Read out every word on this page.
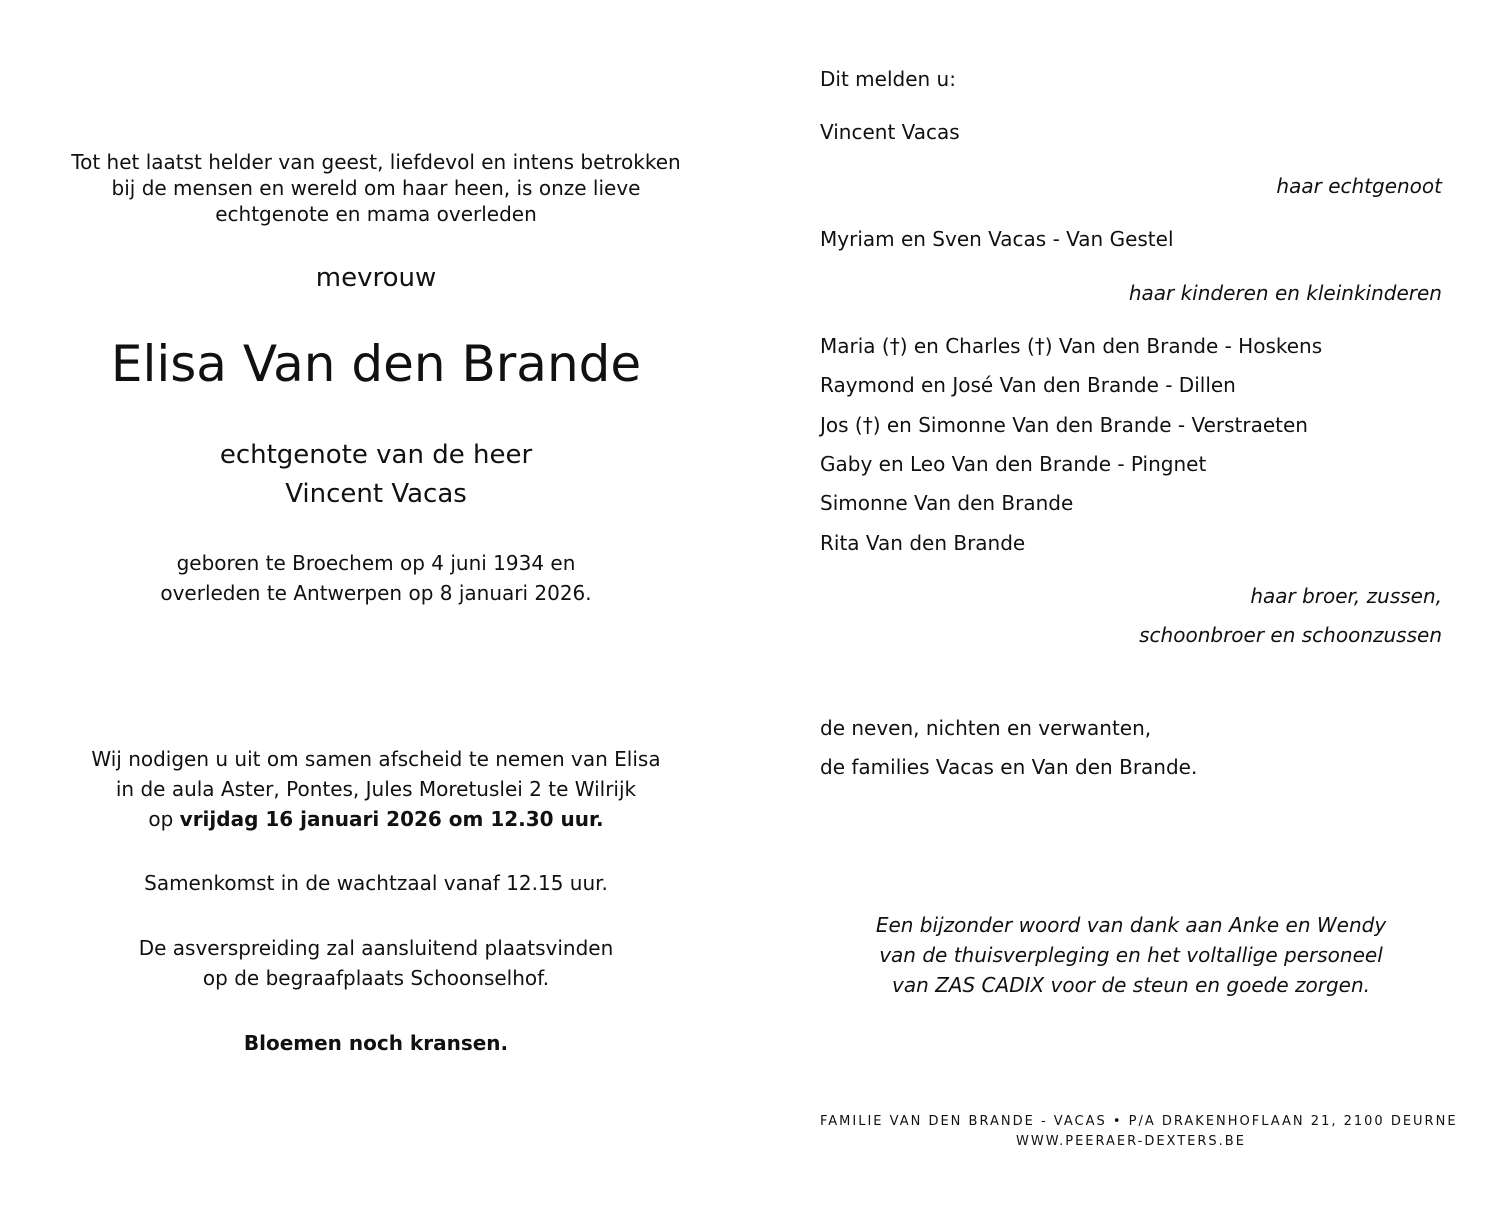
Tot het laatst helder van geest, liefdevol en intens betrokken
bij de mensen en wereld om haar heen, is onze lieve
echtgenote en mama overleden
mevrouw
Elisa Van den Brande
echtgenote van de heer
Vincent Vacas
geboren te Broechem op 4 juni 1934 en
overleden te Antwerpen op 8 januari 2026.
Wij nodigen u uit om samen afscheid te nemen van Elisa
in de aula Aster, Pontes, Jules Moretuslei 2 te Wilrijk
op vrijdag 16 januari 2026 om 12.30 uur.
Samenkomst in de wachtzaal vanaf 12.15 uur.
De asverspreiding zal aansluitend plaatsvinden
op de begraafplaats Schoonselhof.
Bloemen noch kransen.
Dit melden u:
Vincent Vacas
haar echtgenoot
Myriam en Sven Vacas - Van Gestel
haar kinderen en kleinkinderen
Maria (†) en Charles (†) Van den Brande - Hoskens
Raymond en José Van den Brande - Dillen
Jos (†) en Simonne Van den Brande - Verstraeten
Gaby en Leo Van den Brande - Pingnet
Simonne Van den Brande
Rita Van den Brande
haar broer, zussen,
schoonbroer en schoonzussen
de neven, nichten en verwanten,
de families Vacas en Van den Brande.
Een bijzonder woord van dank aan Anke en Wendy
van de thuisverpleging en het voltallige personeel
van ZAS CADIX voor de steun en goede zorgen.
FAMILIE VAN DEN BRANDE - VACAS • P/A DRAKENHOFLAAN 21, 2100 DEURNE
WWW.PEERAER-DEXTERS.BE
